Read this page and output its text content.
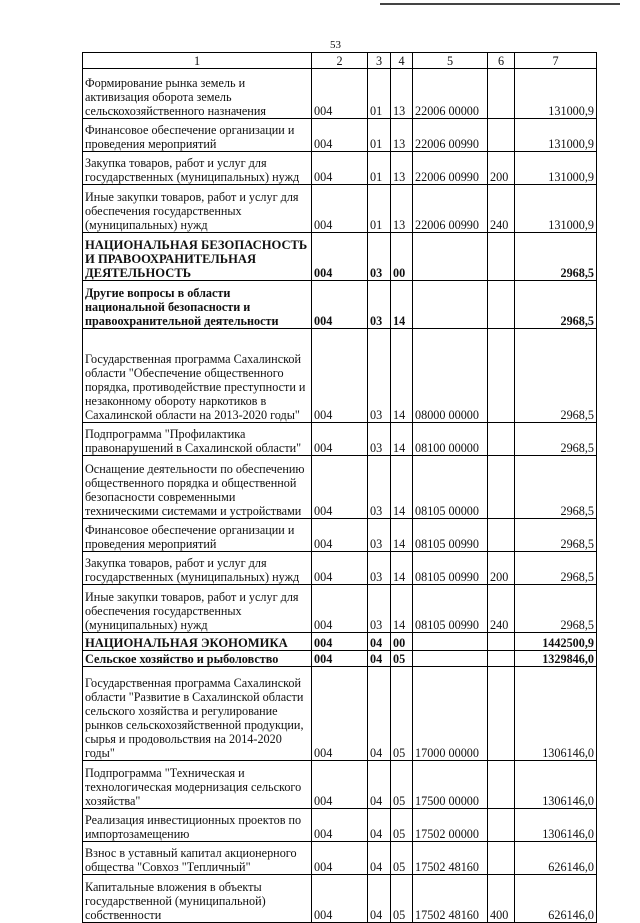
53
1	2	3	4	5	6	7
Формирование рынка земель и активизация оборота земель сельскохозяйственного назначения	004	01	13	22006 00000		131000,9
Финансовое обеспечение организации и проведения мероприятий	004	01	13	22006 00990		131000,9
Закупка товаров, работ и услуг для государственных (муниципальных) нужд	004	01	13	22006 00990	200	131000,9
Иные закупки товаров, работ и услуг для обеспечения государственных (муниципальных) нужд	004	01	13	22006 00990	240	131000,9
НАЦИОНАЛЬНАЯ БЕЗОПАСНОСТЬ И ПРАВООХРАНИТЕЛЬНАЯ ДЕЯТЕЛЬНОСТЬ	004	03	00			2968,5
Другие вопросы в области национальной безопасности и правоохранительной деятельности	004	03	14			2968,5
Государственная программа Сахалинской области "Обеспечение общественного порядка, противодействие преступности и незаконному обороту наркотиков в Сахалинской области на 2013-2020 годы"	004	03	14	08000 00000		2968,5
Подпрограмма "Профилактика правонарушений в Сахалинской области"	004	03	14	08100 00000		2968,5
Оснащение деятельности по обеспечению общественного порядка и общественной безопасности современными техническими системами и устройствами	004	03	14	08105 00000		2968,5
Финансовое обеспечение организации и проведения мероприятий	004	03	14	08105 00990		2968,5
Закупка товаров, работ и услуг для государственных (муниципальных) нужд	004	03	14	08105 00990	200	2968,5
Иные закупки товаров, работ и услуг для обеспечения государственных (муниципальных) нужд	004	03	14	08105 00990	240	2968,5
НАЦИОНАЛЬНАЯ ЭКОНОМИКА	004	04	00			1442500,9
Сельское хозяйство и рыболовство	004	04	05			1329846,0
Государственная программа Сахалинской области "Развитие в Сахалинской области сельского хозяйства и регулирование рынков сельскохозяйственной продукции, сырья и продовольствия на 2014-2020 годы"	004	04	05	17000 00000		1306146,0
Подпрограмма "Техническая и технологическая модернизация сельского хозяйства"	004	04	05	17500 00000		1306146,0
Реализация инвестиционных проектов по импортозамещению	004	04	05	17502 00000		1306146,0
Взнос в уставный капитал акционерного общества "Совхоз "Тепличный"	004	04	05	17502 48160		626146,0
Капитальные вложения в объекты государственной (муниципальной) собственности	004	04	05	17502 48160	400	626146,0
